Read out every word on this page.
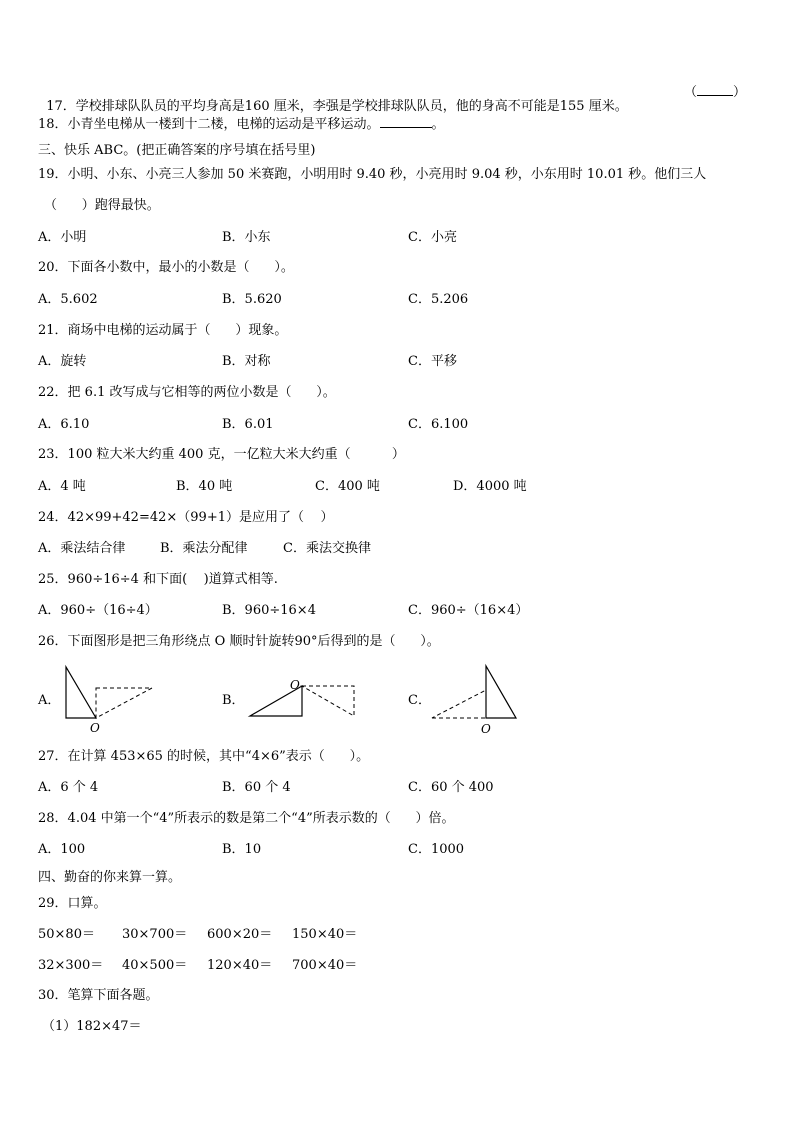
17．学校排球队队员的平均身高是160 厘米，李强是学校排球队队员，他的身高不可能是155 厘米。

（	）
18．小青坐电梯从一楼到十二楼，电梯的运动是平移运动。	。
三、快乐 ABC。(把正确答案的序号填在括号里)
19．小明、小东、小亮三人参加 50 米赛跑，小明用时 9.40 秒，小亮用时 9.04 秒，小东用时 10.01 秒。他们三人
（      ）跑得最快。
A．小明	B．小东	C．小亮
20．下面各小数中，最小的小数是（      ）。
A．5.602	B．5.620	C．5.206
21．商场中电梯的运动属于（      ）现象。
A．旋转	B．对称	C．平移
22．把 6.1 改写成与它相等的两位小数是（      ）。
A．6.10	B．6.01	C．6.100
23．100 粒大米大约重 400 克，一亿粒大米大约重（          ）
A．4 吨	B．40 吨	C．400 吨	D．4000 吨
24．42×99+42=42×（99+1）是应用了（    ）
A．乘法结合律	B．乘法分配律	C．乘法交换律
25．960÷16÷4 和下面(    )道算式相等.
A．960÷（16÷4）	B．960÷16×4	C．960÷（16×4）
26．下面图形是把三角形绕点 O 顺时针旋转90°后得到的是（      ）。
A．	B．	C．
O
O
O
27．在计算 453×65 的时候，其中“4×6”表示（      ）。
A．6 个 4	B．60 个 4	C．60 个 400
28．4.04 中第一个“4”所表示的数是第二个“4”所表示数的（      ）倍。
A．100	B．10	C．1000
四、勤奋的你来算一算。
29．口算。
50×80＝ 30×700＝ 600×20＝ 150×40＝
32×300＝ 40×500＝ 120×40＝ 700×40＝
30．笔算下面各题。
（1）182×47＝
